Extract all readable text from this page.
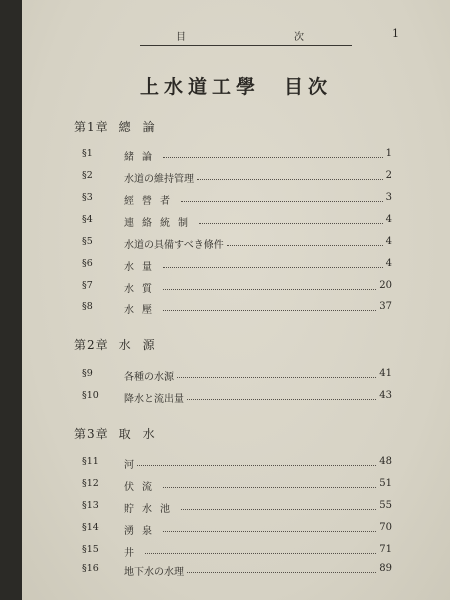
目	次	1
上水道工學　目次
第1章 總論
第2章 水源
第3章 取水
§1	緒論	1
§2	水道の維持管理	2
§3	經營者	3
§4	連絡統制	4
§5	水道の具備すべき條件	4
§6	水量	4
§7	水質	20
§8	水壓	37
§9	各種の水源	41
§10	降水と流出量	43
§11	河	48
§12	伏流	51
§13	貯水池	55
§14	湧泉	70
§15	井	71
§16	地下水の水理	89
